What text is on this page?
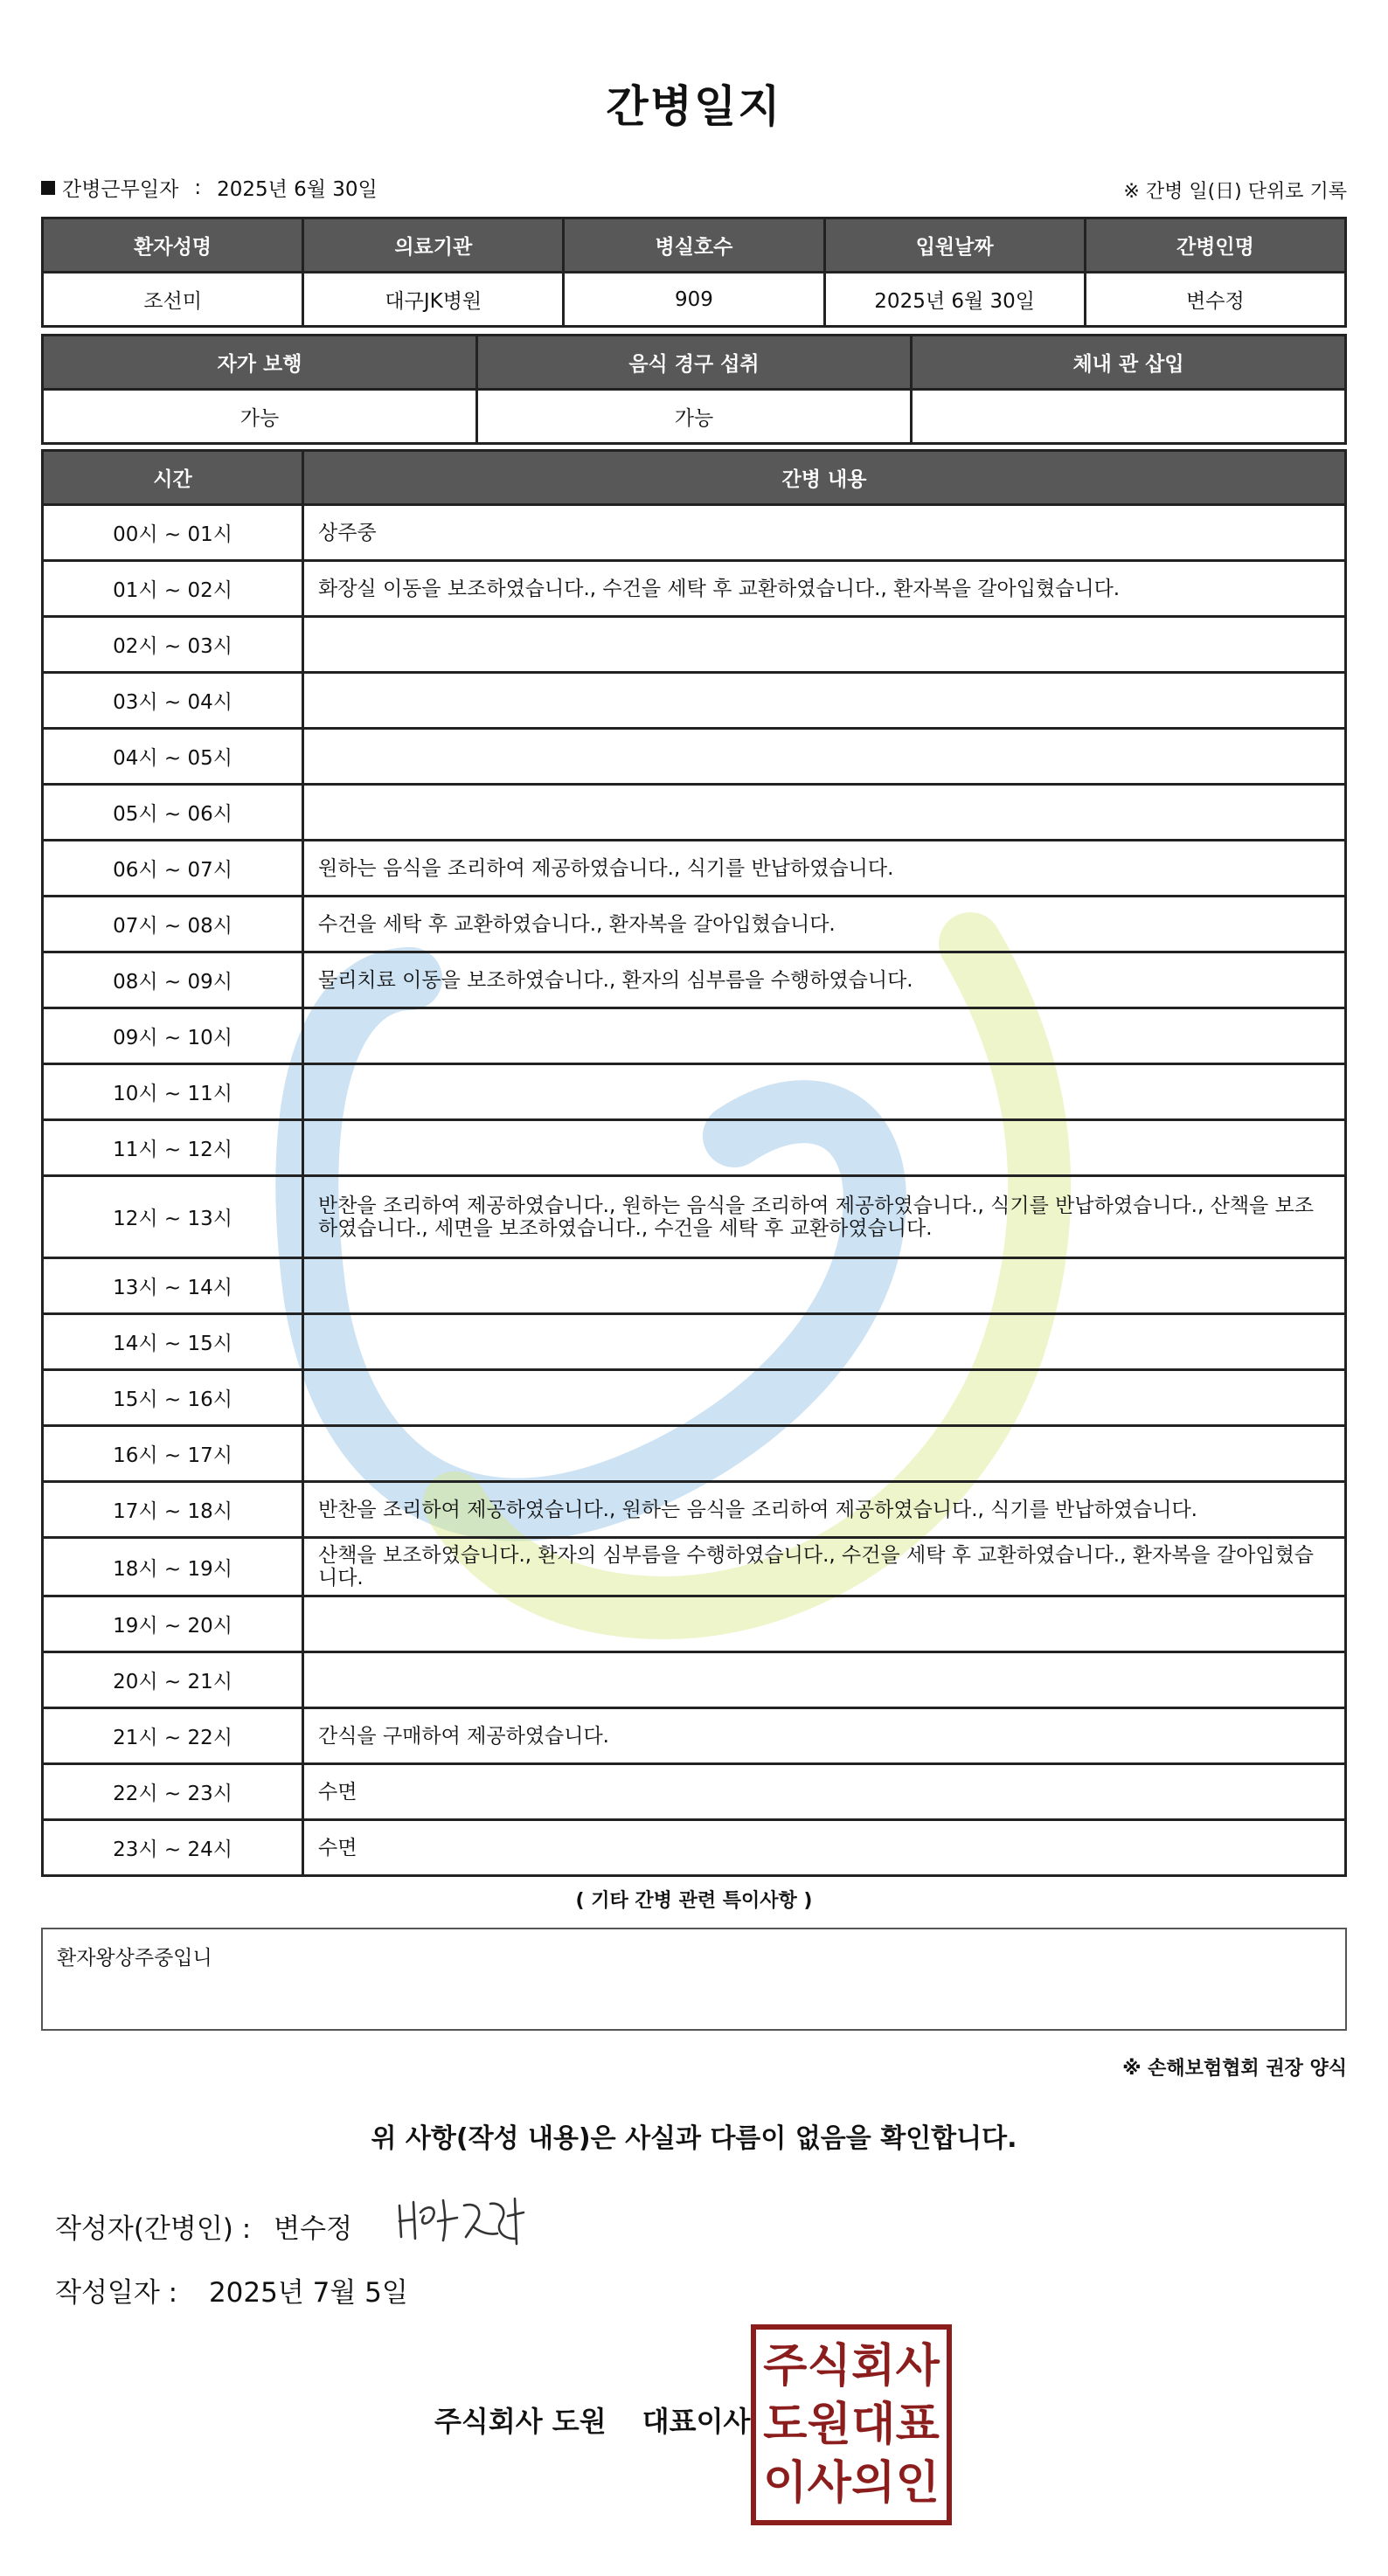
간병일지
간병근무일자 : 2025년 6월 30일	※ 간병 일(日) 단위로 기록
환자성명	의료기관	병실호수	입원날짜	간병인명
조선미	대구JK병원	909	2025년 6월 30일	변수정
자가 보행	음식 경구 섭취	체내 관 삽입
가능	가능	
시간	간병 내용
00시 ~ 01시	상주중
01시 ~ 02시	화장실 이동을 보조하였습니다., 수건을 세탁 후 교환하였습니다., 환자복을 갈아입혔습니다.
02시 ~ 03시	
03시 ~ 04시	
04시 ~ 05시	
05시 ~ 06시	
06시 ~ 07시	원하는 음식을 조리하여 제공하였습니다., 식기를 반납하였습니다.
07시 ~ 08시	수건을 세탁 후 교환하였습니다., 환자복을 갈아입혔습니다.
08시 ~ 09시	물리치료 이동을 보조하였습니다., 환자의 심부름을 수행하였습니다.
09시 ~ 10시	
10시 ~ 11시	
11시 ~ 12시	
12시 ~ 13시	반찬을 조리하여 제공하였습니다., 원하는 음식을 조리하여 제공하였습니다., 식기를 반납하였습니다., 산책을 보조하였습니다., 세면을 보조하였습니다., 수건을 세탁 후 교환하였습니다.
13시 ~ 14시	
14시 ~ 15시	
15시 ~ 16시	
16시 ~ 17시	
17시 ~ 18시	반찬을 조리하여 제공하였습니다., 원하는 음식을 조리하여 제공하였습니다., 식기를 반납하였습니다.
18시 ~ 19시	산책을 보조하였습니다., 환자의 심부름을 수행하였습니다., 수건을 세탁 후 교환하였습니다., 환자복을 갈아입혔습니다.
19시 ~ 20시	
20시 ~ 21시	
21시 ~ 22시	간식을 구매하여 제공하였습니다.
22시 ~ 23시	수면
23시 ~ 24시	수면
( 기타 간병 관련 특이사항 )
환자왕상주중입니
※ 손해보험협회 권장 양식
위 사항(작성 내용)은 사실과 다름이 없음을 확인합니다.
작성자(간병인) : 변수정
작성일자 : 2025년 7월 5일
주식회사 도원 대표이사
주 식 회 사
도 원 대 표
이 사 의 인
